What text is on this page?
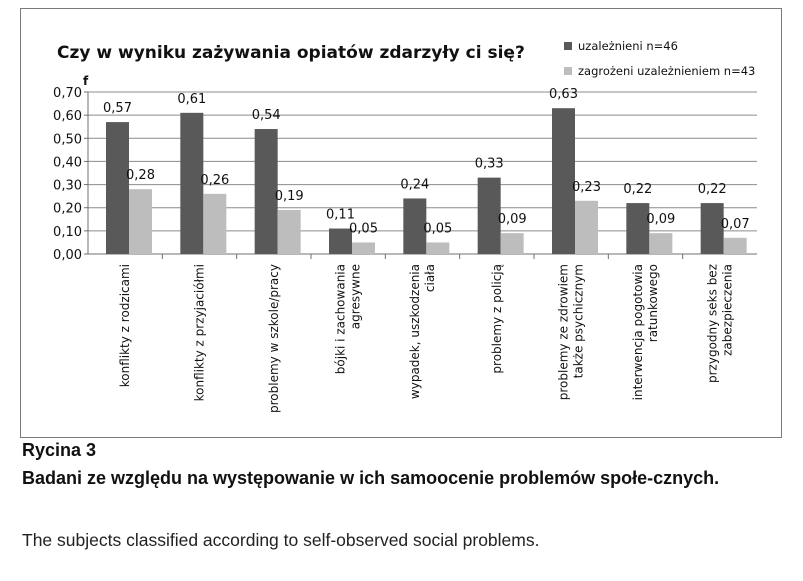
Czy w wyniku zażywania opiatów zdarzyły ci się?
f
0,00
0,10
0,20
0,30
0,40
0,50
0,60
0,70
0,57
0,28
konflikty z rodzicami
0,61
0,26
konflikty z przyjaciółmi
0,54
0,19
problemy w szkole/pracy
0,11
0,05
bójki i zachowania agresywne
0,24
0,05
wypadek, uszkodzenia ciała
0,33
0,09
problemy z policją
0,63
0,23
problemy ze zdrowiem także psychicznym
0,22
0,09
interwencja pogotowia ratunkowego
0,22
0,07
przygodny seks bez zabezpieczenia
uzależnieni n=46
zagrożeni uzależnieniem n=43
Rycina 3
Badani ze względu na występowanie w ich samoocenie problemów społe-cznych.
The subjects classified according to self-observed social problems.
